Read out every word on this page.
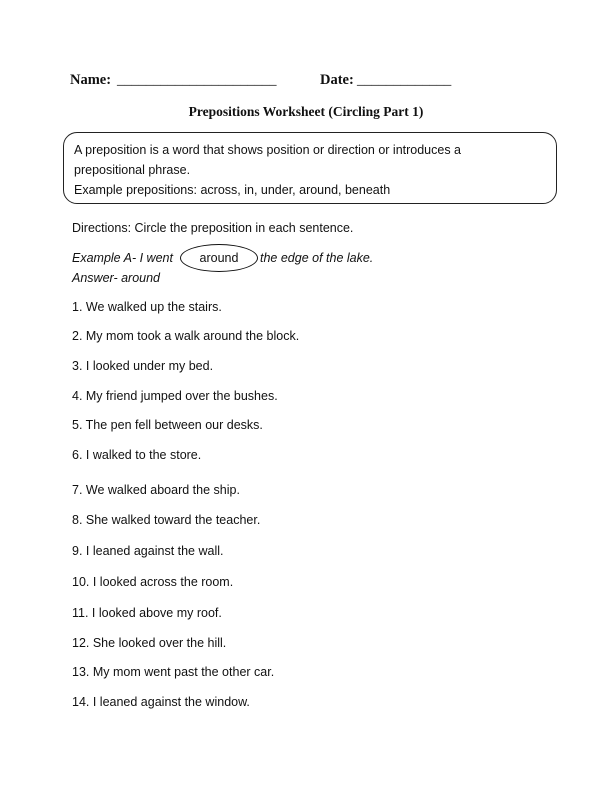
Name: ______________________	Date: _____________
Prepositions Worksheet (Circling Part 1)
A preposition is a word that shows position or direction or introduces a
prepositional phrase.
Example prepositions: across, in, under, around, beneath
Directions: Circle the preposition in each sentence.
Example A- I went	around	the edge of the lake.
Answer- around
1. We walked up the stairs.
2. My mom took a walk around the block.
3. I looked under my bed.
4. My friend jumped over the bushes.
5. The pen fell between our desks.
6. I walked to the store.
7. We walked aboard the ship.
8. She walked toward the teacher.
9. I leaned against the wall.
10. I looked across the room.
11. I looked above my roof.
12. She looked over the hill.
13. My mom went past the other car.
14. I leaned against the window.
